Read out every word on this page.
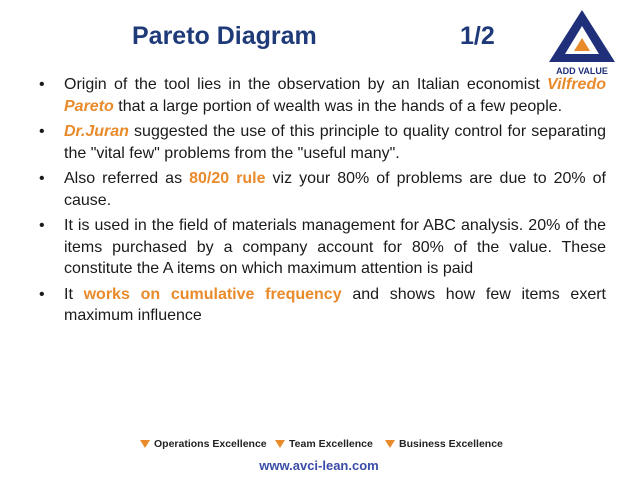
Pareto Diagram	1/2
ADD VALUE
• Origin of the tool lies in the observation by an Italian economist Vilfredo Pareto that a large portion of wealth was in the hands of a few people.
• Dr.Juran suggested the use of this principle to quality control for separating the "vital few" problems from the "useful many".
• Also referred as 80/20 rule viz your 80% of problems are due to 20% of cause.
• It is used in the field of materials management for ABC analysis. 20% of the items purchased by a company account for 80% of the value. These constitute the A items on which maximum attention is paid
• It works on cumulative frequency and shows how few items exert maximum influence
Operations Excellence	Team Excellence	Business Excellence
www.avci-lean.com
